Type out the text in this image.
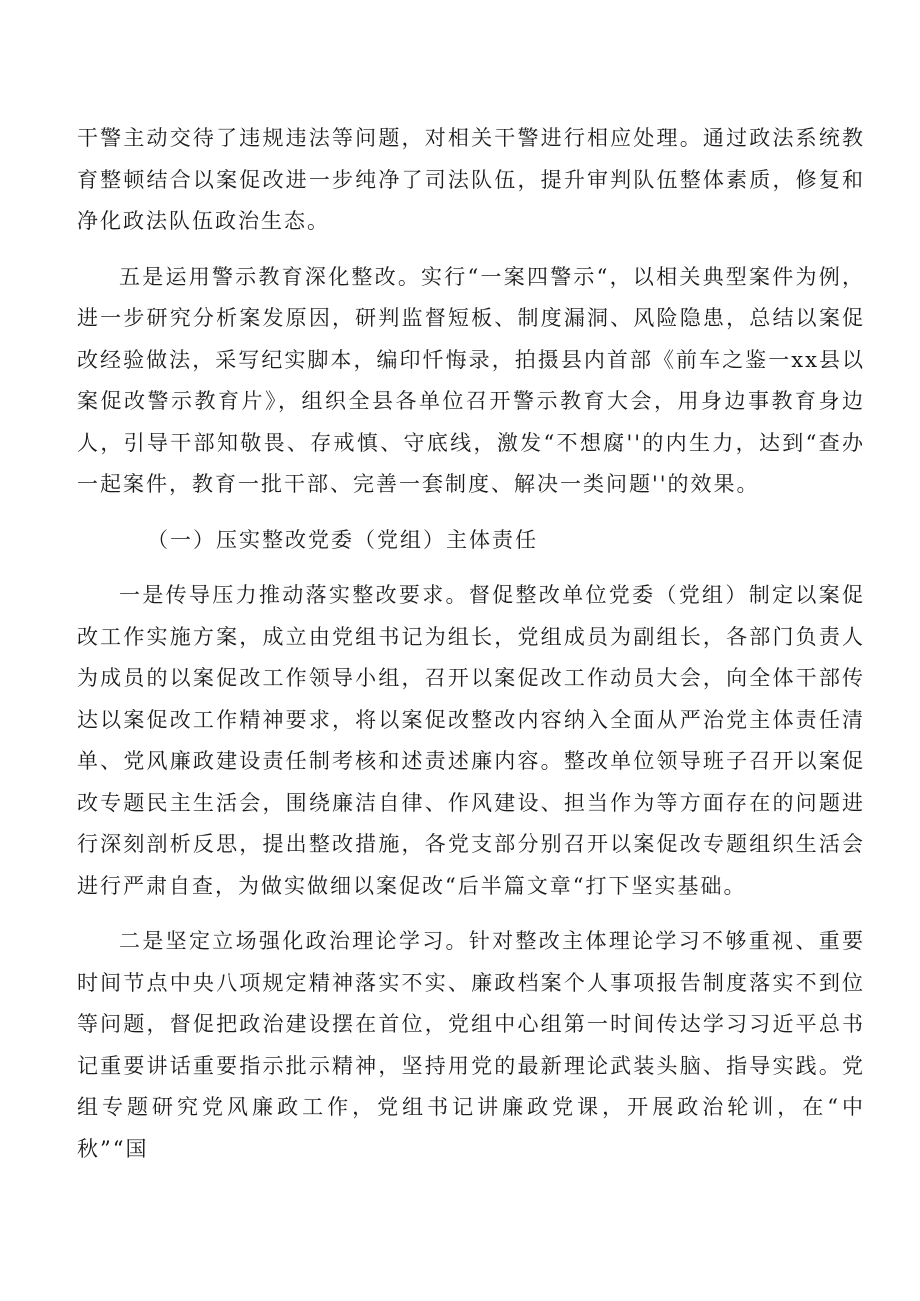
干警主动交待了违规违法等问题，对相关干警进行相应处理。通过政法系统教育整顿结合以案促改进一步纯净了司法队伍，提升审判队伍整体素质，修复和净化政法队伍政治生态。

五是运用警示教育深化整改。实行“一案四警示“，以相关典型案件为例，进一步研究分析案发原因，研判监督短板、制度漏洞、风险隐患，总结以案促改经验做法，采写纪实脚本，编印忏悔录，拍摄县内首部《前车之鉴一xx县以案促改警示教育片》，组织全县各单位召开警示教育大会，用身边事教育身边人，引导干部知敬畏、存戒慎、守底线，激发“不想腐''的内生力，达到“查办一起案件，教育一批干部、完善一套制度、解决一类问题''的效果。

（一）压实整改党委（党组）主体责任

一是传导压力推动落实整改要求。督促整改单位党委（党组）制定以案促改工作实施方案，成立由党组书记为组长，党组成员为副组长，各部门负责人为成员的以案促改工作领导小组，召开以案促改工作动员大会，向全体干部传达以案促改工作精神要求，将以案促改整改内容纳入全面从严治党主体责任清单、党风廉政建设责任制考核和述责述廉内容。整改单位领导班子召开以案促改专题民主生活会，围绕廉洁自律、作风建设、担当作为等方面存在的问题进行深刻剖析反思，提出整改措施，各党支部分别召开以案促改专题组织生活会进行严肃自查，为做实做细以案促改“后半篇文章“打下坚实基础。

二是坚定立场强化政治理论学习。针对整改主体理论学习不够重视、重要时间节点中央八项规定精神落实不实、廉政档案个人事项报告制度落实不到位等问题，督促把政治建设摆在首位，党组中心组第一时间传达学习习近平总书记重要讲话重要指示批示精神，坚持用党的最新理论武装头脑、指导实践。党组专题研究党风廉政工作，党组书记讲廉政党课，开展政治轮训，在“中秋”“国
